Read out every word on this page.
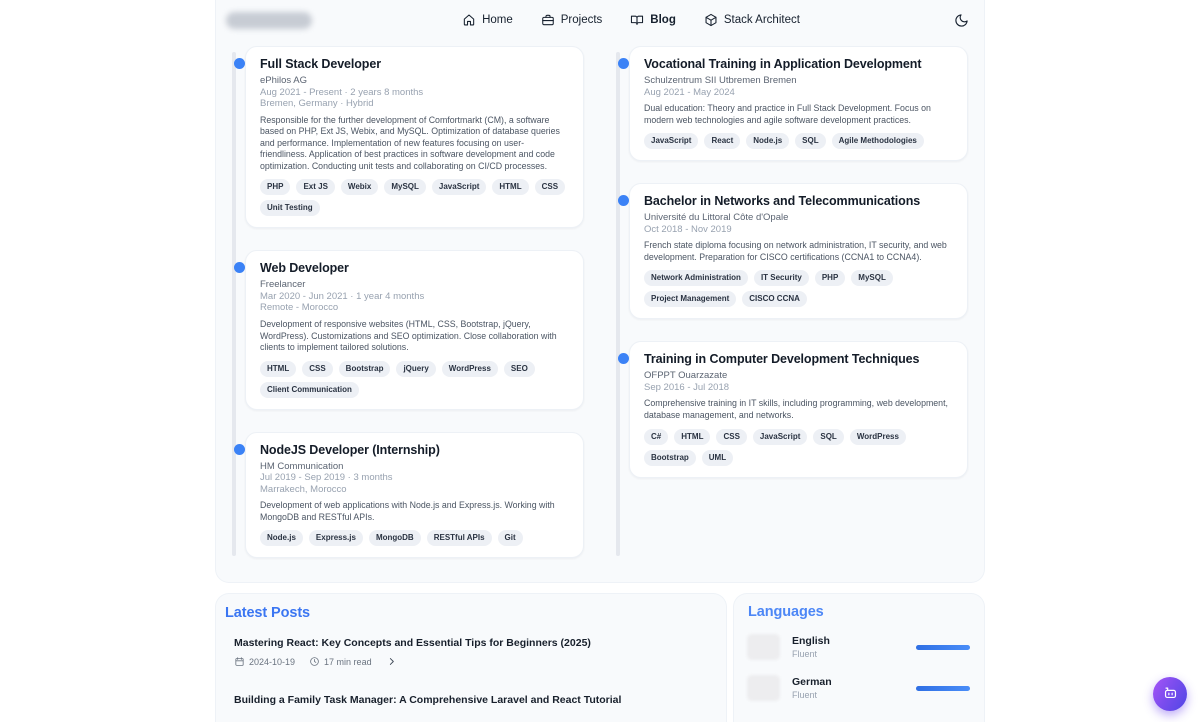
Home	Projects	Blog	Stack Architect
Full Stack Developer
ePhilos AG
Aug 2021 - Present · 2 years 8 months
Bremen, Germany · Hybrid

Responsible for the further development of Comfortmarkt (CM), a software based on PHP, Ext JS, Webix, and MySQL. Optimization of database queries and performance. Implementation of new features focusing on user-friendliness. Application of best practices in software development and code optimization. Conducting unit tests and collaborating on CI/CD processes.

PHP	Ext JS	Webix	MySQL	JavaScript	HTML	CSS
Unit Testing
Web Developer
Freelancer
Mar 2020 - Jun 2021 · 1 year 4 months
Remote - Morocco

Development of responsive websites (HTML, CSS, Bootstrap, jQuery, WordPress). Customizations and SEO optimization. Close collaboration with clients to implement tailored solutions.

HTML	CSS	Bootstrap	jQuery	WordPress	SEO
Client Communication
NodeJS Developer (Internship)
HM Communication
Jul 2019 - Sep 2019 · 3 months
Marrakech, Morocco

Development of web applications with Node.js and Express.js. Working with MongoDB and RESTful APIs.

Node.js	Express.js	MongoDB	RESTful APIs	Git
Vocational Training in Application Development
Schulzentrum SII Utbremen Bremen
Aug 2021 - May 2024

Dual education: Theory and practice in Full Stack Development. Focus on modern web technologies and agile software development practices.

JavaScript	React	Node.js	SQL	Agile Methodologies
Bachelor in Networks and Telecommunications
Université du Littoral Côte d'Opale
Oct 2018 - Nov 2019

French state diploma focusing on network administration, IT security, and web development. Preparation for CISCO certifications (CCNA1 to CCNA4).

Network Administration	IT Security	PHP	MySQL
Project Management	CISCO CCNA
Training in Computer Development Techniques
OFPPT Ouarzazate
Sep 2016 - Jul 2018

Comprehensive training in IT skills, including programming, web development, database management, and networks.

C#	HTML	CSS	JavaScript	SQL	WordPress
Bootstrap	UML
Latest Posts
Mastering React: Key Concepts and Essential Tips for Beginners (2025)
2024-10-19	17 min read
Building a Family Task Manager: A Comprehensive Laravel and React Tutorial
Languages
English
Fluent
German
Fluent
